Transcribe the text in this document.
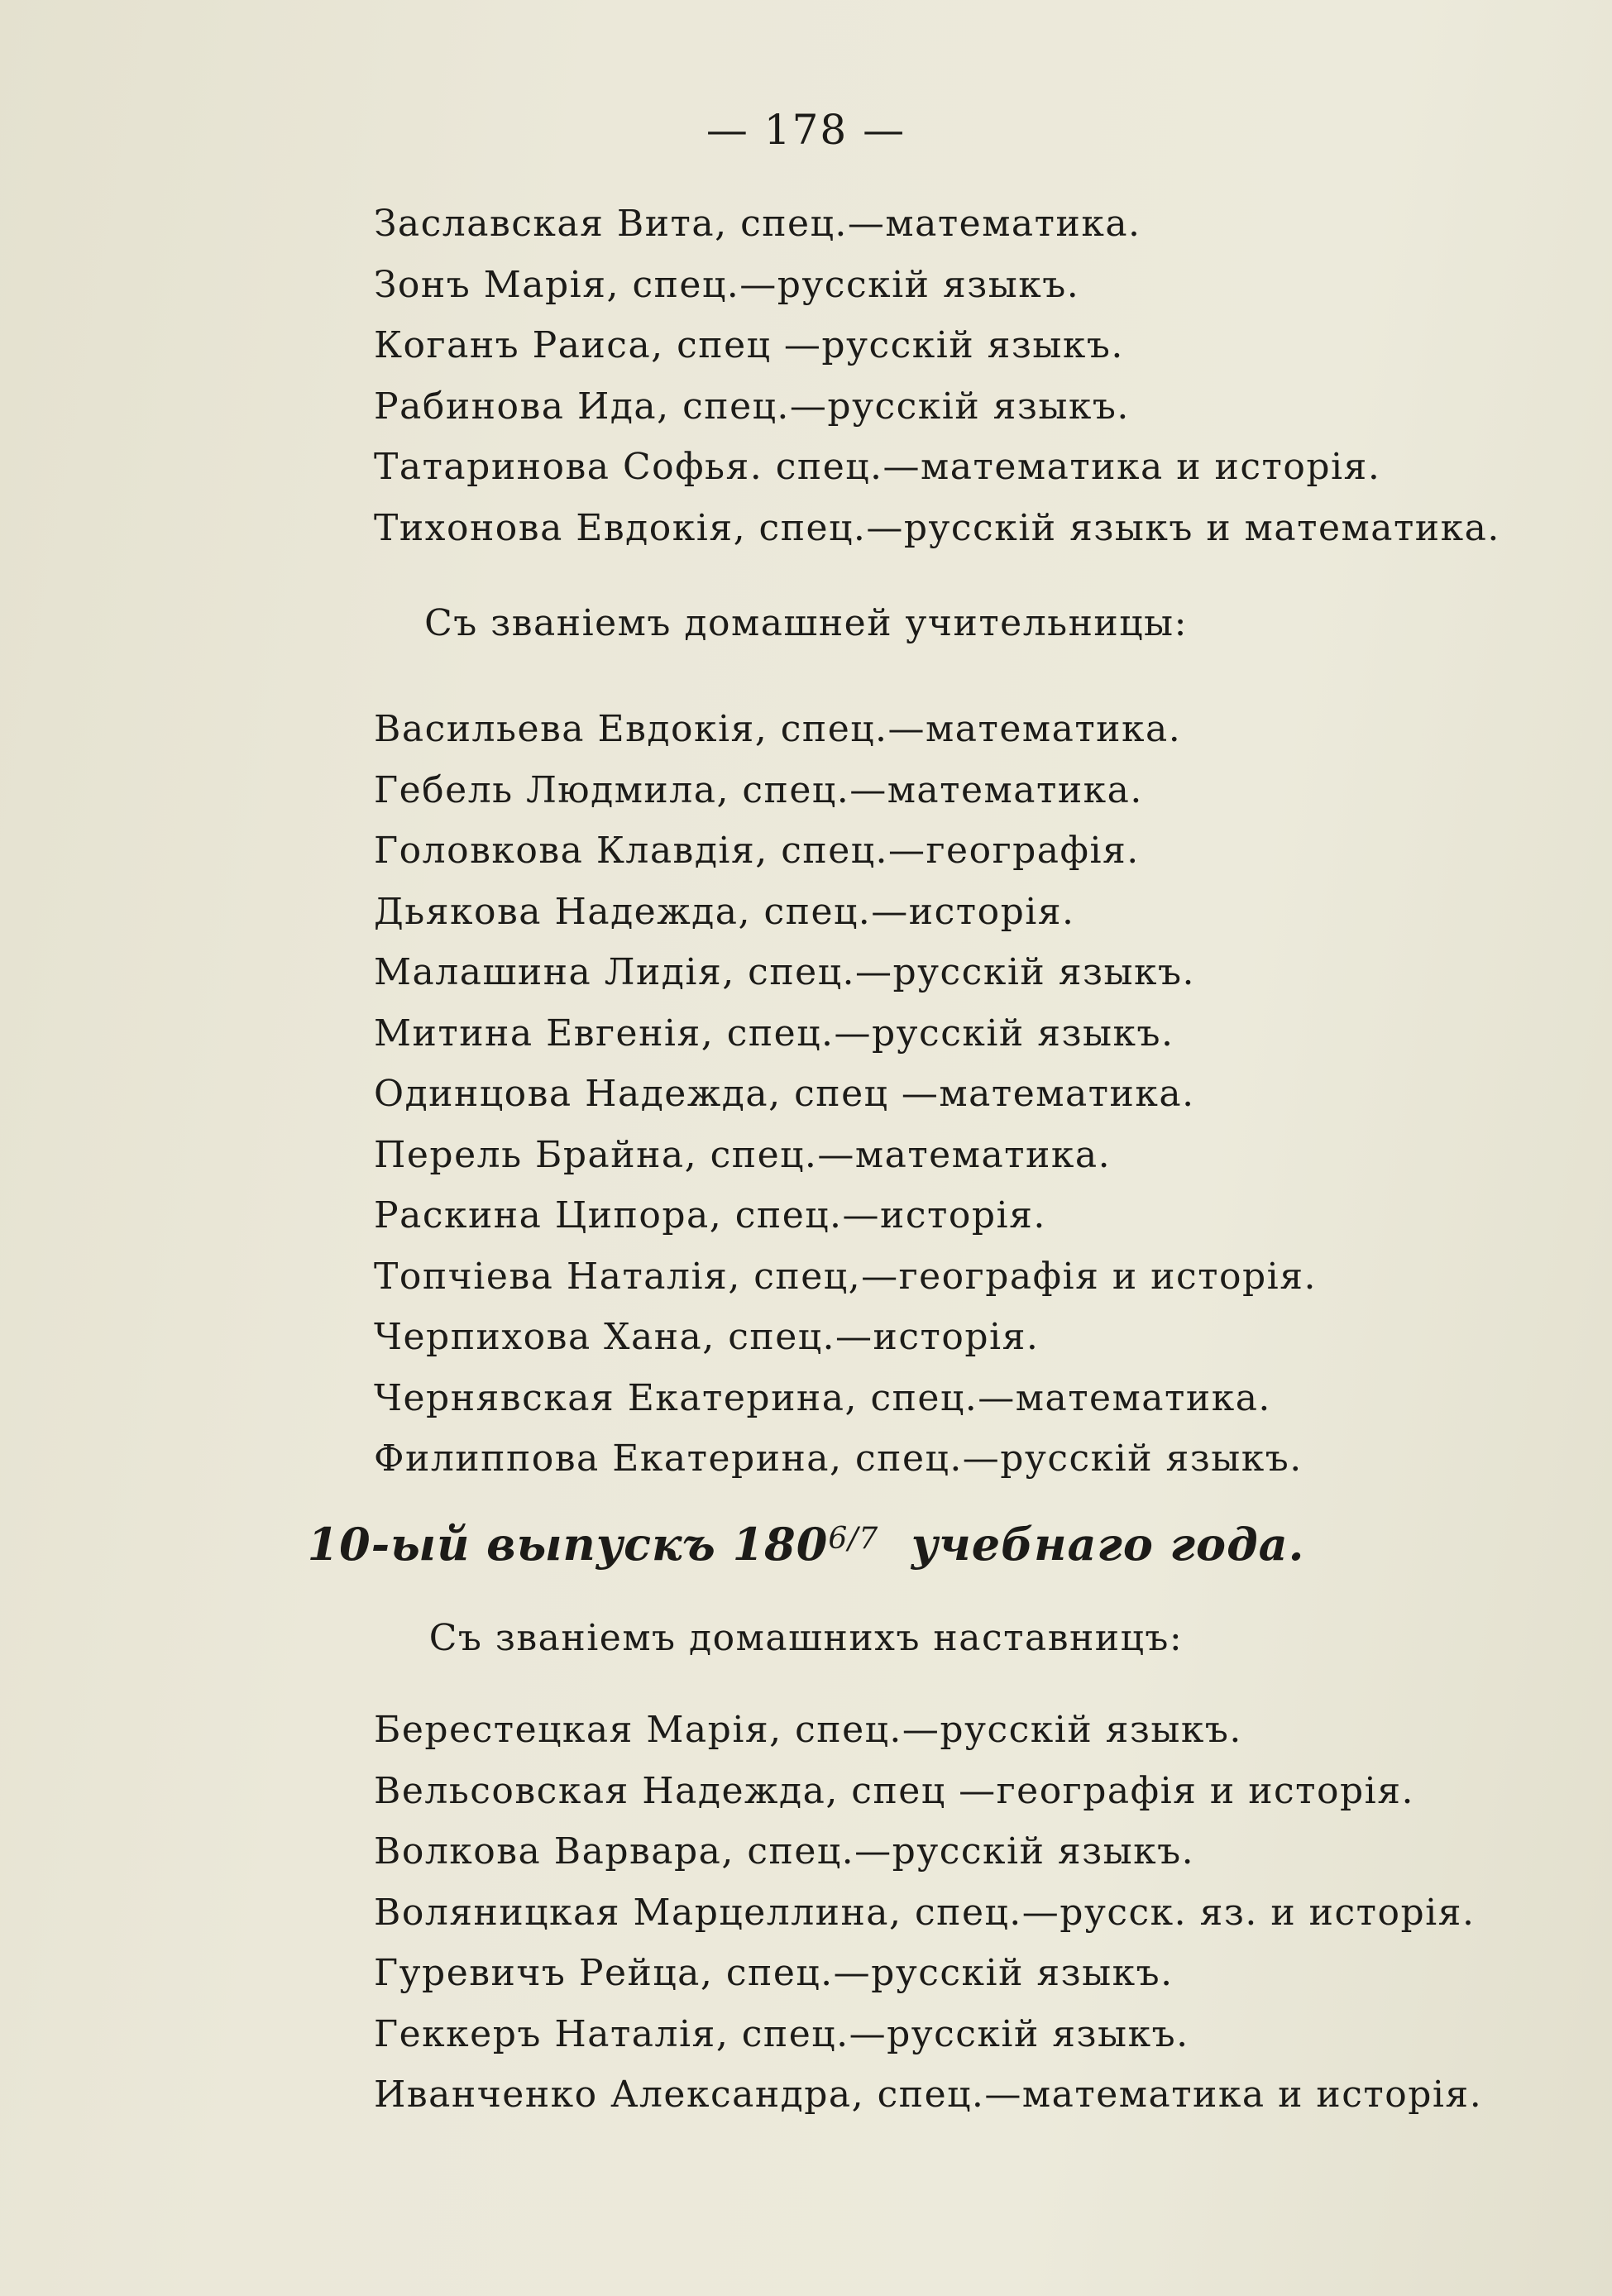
— 178 —
Заславская Вита, спец.—математика.
Зонъ Марія, спец.—русскій языкъ.
Коганъ Раиса, спец —русскій языкъ.
Рабинова Ида, спец.—русскій языкъ.
Татаринова Софья. спец.—математика и исторія.
Тихонова Евдокія, спец.—русскій языкъ и математика.
Съ званіемъ домашней учительницы:
Васильева Евдокія, спец.—математика.
Гебель Людмила, спец.—математика.
Головкова Клавдія, спец.—географія.
Дьякова Надежда, спец.—исторія.
Малашина Лидія, спец.—русскій языкъ.
Митина Евгенія, спец.—русскій языкъ.
Одинцова Надежда, спец —математика.
Перель Брайна, спец.—математика.
Раскина Ципора, спец.—исторія.
Топчіева Наталія, спец,—географія и исторія.
Черпихова Хана, спец.—исторія.
Чернявская Екатерина, спец.—математика.
Филиппова Екатерина, спец.—русскій языкъ.
10-ый выпускъ $180^{6/7}$ учебнаго года.
Съ званіемъ домашнихъ наставницъ:
Берестецкая Марія, спец.—русскій языкъ.
Вельсовская Надежда, спец —географія и исторія.
Волкова Варвара, спец.—русскій языкъ.
Воляницкая Марцеллина, спец.—русск. яз. и исторія.
Гуревичъ Рейца, спец.—русскій языкъ.
Геккеръ Наталія, спец.—русскій языкъ.
Иванченко Александра, спец.—математика и исторія.
